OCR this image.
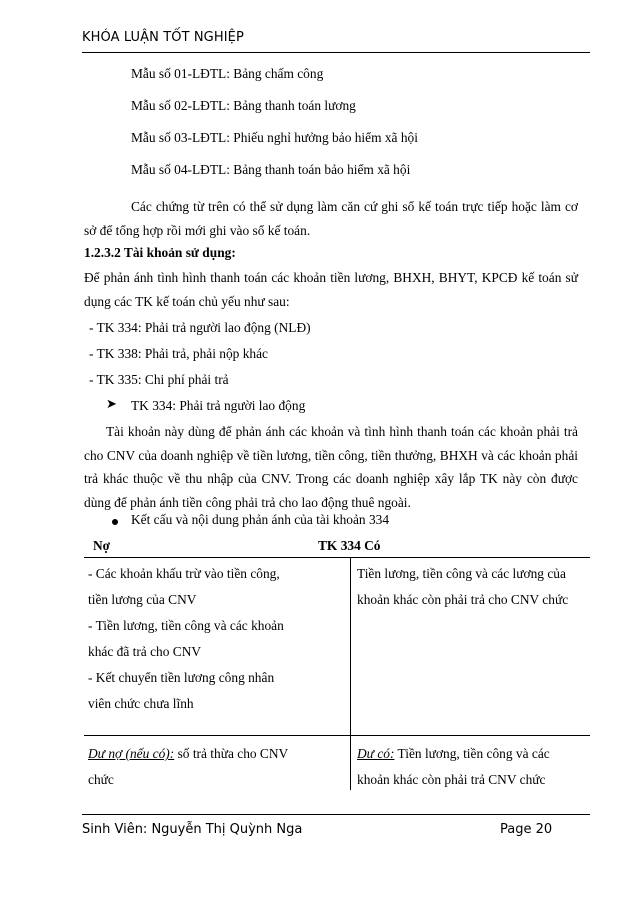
KHÓA LUẬN TỐT NGHIỆP
Mẫu số 01-LĐTL: Bảng chấm công
Mẫu số 02-LĐTL: Bảng thanh toán lương
Mẫu số 03-LĐTL: Phiếu nghỉ hưởng bảo hiểm xã hội
Mẫu số 04-LĐTL: Bảng thanh toán bảo hiểm xã hội
Các chứng từ trên có thể sử dụng làm căn cứ ghi sổ kế toán trực tiếp hoặc làm cơ sở để tổng hợp rồi mới ghi vào sổ kế toán.
1.2.3.2 Tài khoản sử dụng:
Để phản ánh tình hình thanh toán các khoản tiền lương, BHXH, BHYT, KPCĐ kế toán sử dụng các TK kế toán chủ yếu như sau:
- TK 334: Phải trả người lao động (NLĐ)
- TK 338: Phải trả, phải nộp khác
- TK 335: Chi phí phải trả
➤ TK 334: Phải trả người lao động
Tài khoản này dùng để phản ánh các khoản và tình hình thanh toán các khoản phải trả cho CNV của doanh nghiệp về tiền lương, tiền công, tiền thưởng, BHXH và các khoản phải trả khác thuộc về thu nhập của CNV. Trong các doanh nghiệp xây lắp TK này còn được dùng để phản ánh tiền công phải trả cho lao động thuê ngoài.
Kết cấu và nội dung phản ánh của tài khoản 334
Nợ	TK 334 Có
- Các khoản khấu trừ vào tiền công,
tiền lương của CNV
- Tiền lương, tiền công và các khoản
khác đã trả cho CNV
- Kết chuyển tiền lương công nhân
viên chức chưa lĩnh
Tiền lương, tiền công và các lương của
khoản khác còn phải trả cho CNV chức
Dư nợ (nếu có): số trả thừa cho CNV
chức
Dư có: Tiền lương, tiền công và các
khoản khác còn phải trả CNV chức
Sinh Viên: Nguyễn Thị Quỳnh Nga	Page 20
